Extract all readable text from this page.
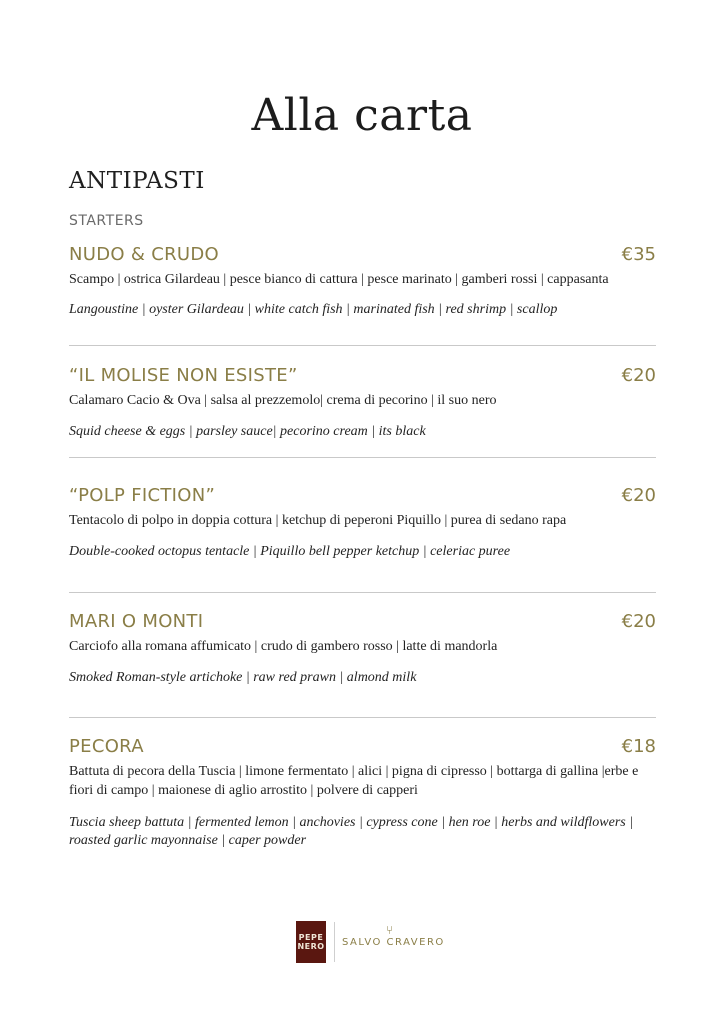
Alla carta
ANTIPASTI
STARTERS
NUDO & CRUDO	€35
Scampo | ostrica Gilardeau | pesce bianco di cattura | pesce marinato | gamberi rossi | cappasanta
Langoustine | oyster Gilardeau | white catch fish | marinated fish | red shrimp | scallop
“IL MOLISE NON ESISTE”	€20
Calamaro Cacio & Ova | salsa al prezzemolo| crema di pecorino | il suo nero
Squid cheese & eggs | parsley sauce| pecorino cream | its black
“POLP FICTION”	€20
Tentacolo di polpo in doppia cottura | ketchup di peperoni Piquillo | purea di sedano rapa
Double-cooked octopus tentacle | Piquillo bell pepper ketchup | celeriac puree
MARI O MONTI	€20
Carciofo alla romana affumicato | crudo di gambero rosso | latte di mandorla
Smoked Roman-style artichoke | raw red prawn | almond milk
PECORA	€18
Battuta di pecora della Tuscia | limone fermentato | alici | pigna di cipresso | bottarga di gallina |erbe e fiori di campo | maionese di aglio arrostito | polvere di capperi
Tuscia sheep battuta | fermented lemon | anchovies | cypress cone | hen roe | herbs and wildflowers | roasted garlic mayonnaise | caper powder
PEPE
NERO
⑂
SALVO CRAVERO
